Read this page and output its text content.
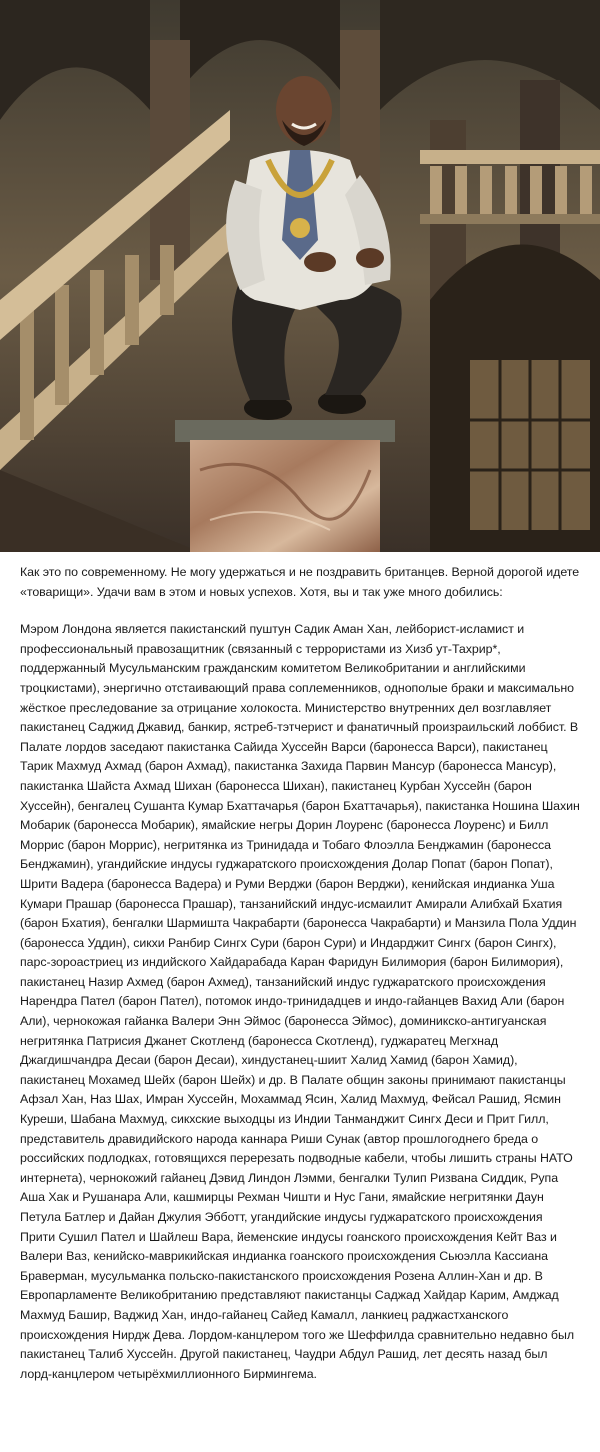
Как это по современному. Не могу удержаться и не поздравить британцев. Верной дорогой идете «товарищи». Удачи вам в этом и новых успехов. Хотя, вы и так уже много добились:

Мэром Лондона является пакистанский пуштун Садик Аман Хан, лейборист-исламист и профессиональный правозащитник (связанный с террористами из Хизб ут-Тахрир*, поддержанный Мусульманским гражданским комитетом Великобритании и английскими троцкистами), энергично отстаивающий права соплеменников, однополые браки и максимально жёсткое преследование за отрицание холокоста. Министерство внутренних дел возглавляет пакистанец Саджид Джавид, банкир, ястреб-тэтчерист и фанатичный произраильский лоббист. В Палате лордов заседают пакистанка Сайида Хуссейн Варси (баронесса Варси), пакистанец Тарик Махмуд Ахмад (барон Ахмад), пакистанка Захида Парвин Мансур (баронесса Мансур), пакистанка Шайста Ахмад Шихан (баронесса Шихан), пакистанец Курбан Хуссейн (барон Хуссейн), бенгалец Сушанта Кумар Бхаттачарья (барон Бхаттачарья), пакистанка Ношина Шахин Мобарик (баронесса Мобарик), ямайские негры Дорин Лоуренс (баронесса Лоуренс) и Билл Моррис (барон Моррис), негритянка из Тринидада и Тобаго Флоэлла Бенджамин (баронесса Бенджамин), угандийские индусы гуджаратского происхождения Долар Попат (барон Попат), Шрити Вадера (баронесса Вадера) и Руми Верджи (барон Верджи), кенийская индианка Уша Кумари Прашар (баронесса Прашар), танзанийский индус-исмаилит Амирали Алибхай Бхатия (барон Бхатия), бенгалки Шармишта Чакрабарти (баронесса Чакрабарти) и Манзила Пола Уддин (баронесса Уддин), сикхи Ранбир Сингх Сури (барон Сури) и Индарджит Сингх (барон Сингх), парс-зороастриец из индийского Хайдарабада Каран Фаридун Билимория (барон Билимория), пакистанец Назир Ахмед (барон Ахмед), танзанийский индус гуджаратского происхождения Нарендра Пател (барон Пател), потомок индо-тринидадцев и индо-гайанцев Вахид Али (барон Али), чернокожая гайанка Валери Энн Эймос (баронесса Эймос), доминикско-антигуанская негритянка Патрисия Джанет Скотленд (баронесса Скотленд), гуджаратец Мегхнад Джагдишчандра Десаи (барон Десаи), хиндустанец-шиит Халид Хамид (барон Хамид), пакистанец Мохамед Шейх (барон Шейх) и др. В Палате общин законы принимают пакистанцы Афзал Хан, Наз Шах, Имран Хуссейн, Мохаммад Ясин, Халид Махмуд, Фейсал Рашид, Ясмин Куреши, Шабана Махмуд, сикхские выходцы из Индии Танманджит Сингх Деси и Прит Гилл, представитель дравидийского народа каннара Риши Сунак (автор прошлогоднего бреда о российских подлодках, готовящихся перерезать подводные кабели, чтобы лишить страны НАТО интернета), чернокожий гайанец Дэвид Линдон Лэмми, бенгалки Тулип Ризвана Сиддик, Рупа Аша Хак и Рушанара Али, кашмирцы Рехман Чишти и Нус Гани, ямайские негритянки Даун Петула Батлер и Дайан Джулия Эбботт, угандийские индусы гуджаратского происхождения Прити Сушил Пател и Шайлеш Вара, йеменские индусы гоанского происхождения Кейт Ваз и Валери Ваз, кенийско-маврикийская индианка гоанского происхождения Сьюэлла Кассиана Браверман, мусульманка польско-пакистанского происхождения Розена Аллин-Хан и др. В Европарламенте Великобританию представляют пакистанцы Саджад Хайдар Карим, Амджад Махмуд Башир, Ваджид Хан, индо-гайанец Сайед Камалл, ланкиец раджастханского происхождения Нирдж Дева. Лордом-канцлером того же Шеффилда сравнительно недавно был пакистанец Талиб Хуссейн. Другой пакистанец, Чаудри Абдул Рашид, лет десять назад был лорд-канцлером четырёхмиллионного Бирмингема.
